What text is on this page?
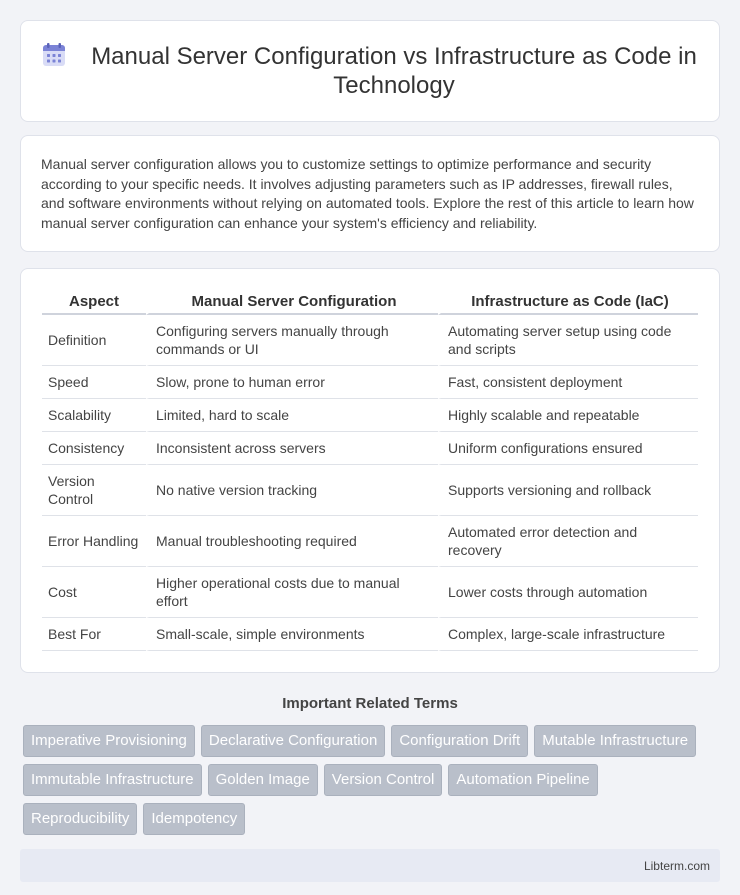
Manual Server Configuration vs Infrastructure as Code in Technology

Manual server configuration allows you to customize settings to optimize performance and security according to your specific needs. It involves adjusting parameters such as IP addresses, firewall rules, and software environments without relying on automated tools. Explore the rest of this article to learn how manual server configuration can enhance your system's efficiency and reliability.

Aspect	Manual Server Configuration	Infrastructure as Code (IaC)
Definition	Configuring servers manually through commands or UI	Automating server setup using code and scripts
Speed	Slow, prone to human error	Fast, consistent deployment
Scalability	Limited, hard to scale	Highly scalable and repeatable
Consistency	Inconsistent across servers	Uniform configurations ensured
Version Control	No native version tracking	Supports versioning and rollback
Error Handling	Manual troubleshooting required	Automated error detection and recovery
Cost	Higher operational costs due to manual effort	Lower costs through automation
Best For	Small-scale, simple environments	Complex, large-scale infrastructure
Important Related Terms
Imperative Provisioning	Declarative Configuration	Configuration Drift	Mutable Infrastructure
Immutable Infrastructure	Golden Image	Version Control	Automation Pipeline
Reproducibility	Idempotency
Libterm.com
